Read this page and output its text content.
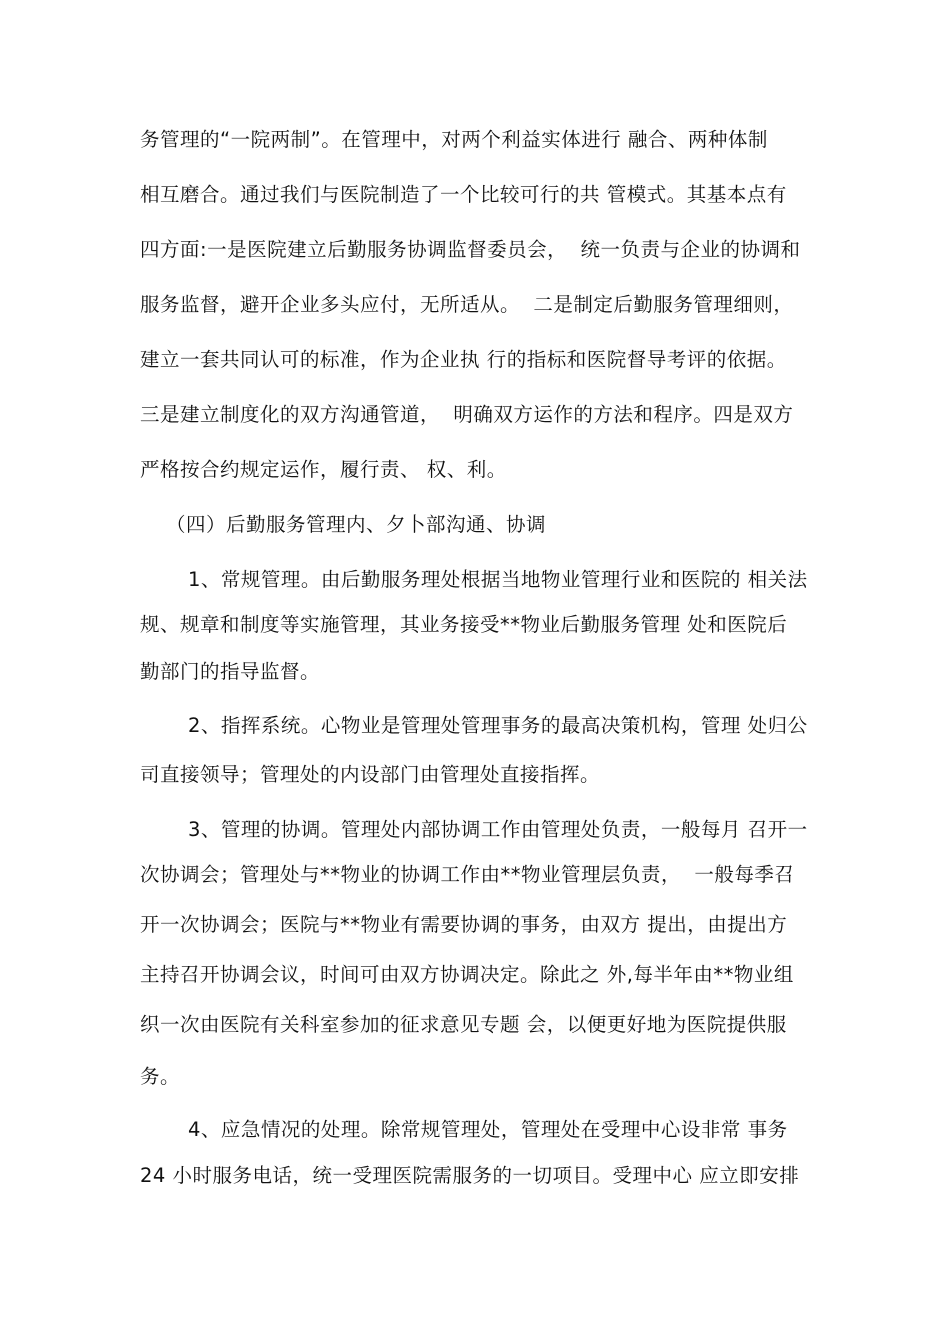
务管理的“一院两制”。在管理中，对两个利益实体进行 融合、两种体制
相互磨合。通过我们与医院制造了一个比较可行的共 管模式。其基本点有
四方面:一是医院建立后勤服务协调监督委员会，  统一负责与企业的协调和
服务监督，避开企业多头应付，无所适从。  二是制定后勤服务管理细则，
建立一套共同认可的标准，作为企业执 行的指标和医院督导考评的依据。
三是建立制度化的双方沟通管道，  明确双方运作的方法和程序。四是双方
严格按合约规定运作，履行责、 权、利。
（四）后勤服务管理内、夕卜部沟通、协调
1、常规管理。由后勤服务理处根据当地物业管理行业和医院的 相关法
规、规章和制度等实施管理，其业务接受**物业后勤服务管理 处和医院后
勤部门的指导监督。
2、指挥系统。心物业是管理处管理事务的最高决策机构，管理 处归公
司直接领导；管理处的内设部门由管理处直接指挥。
3、管理的协调。管理处内部协调工作由管理处负责，一般每月 召开一
次协调会；管理处与**物业的协调工作由**物业管理层负责，  一般每季召
开一次协调会；医院与**物业有需要协调的事务，由双方 提出，由提出方
主持召开协调会议，时间可由双方协调决定。除此之 外,每半年由**物业组
织一次由医院有关科室参加的征求意见专题 会，以便更好地为医院提供服
务。
4、应急情况的处理。除常规管理处，管理处在受理中心设非常 事务
24 小时服务电话，统一受理医院需服务的一切项目。受理中心 应立即安排
